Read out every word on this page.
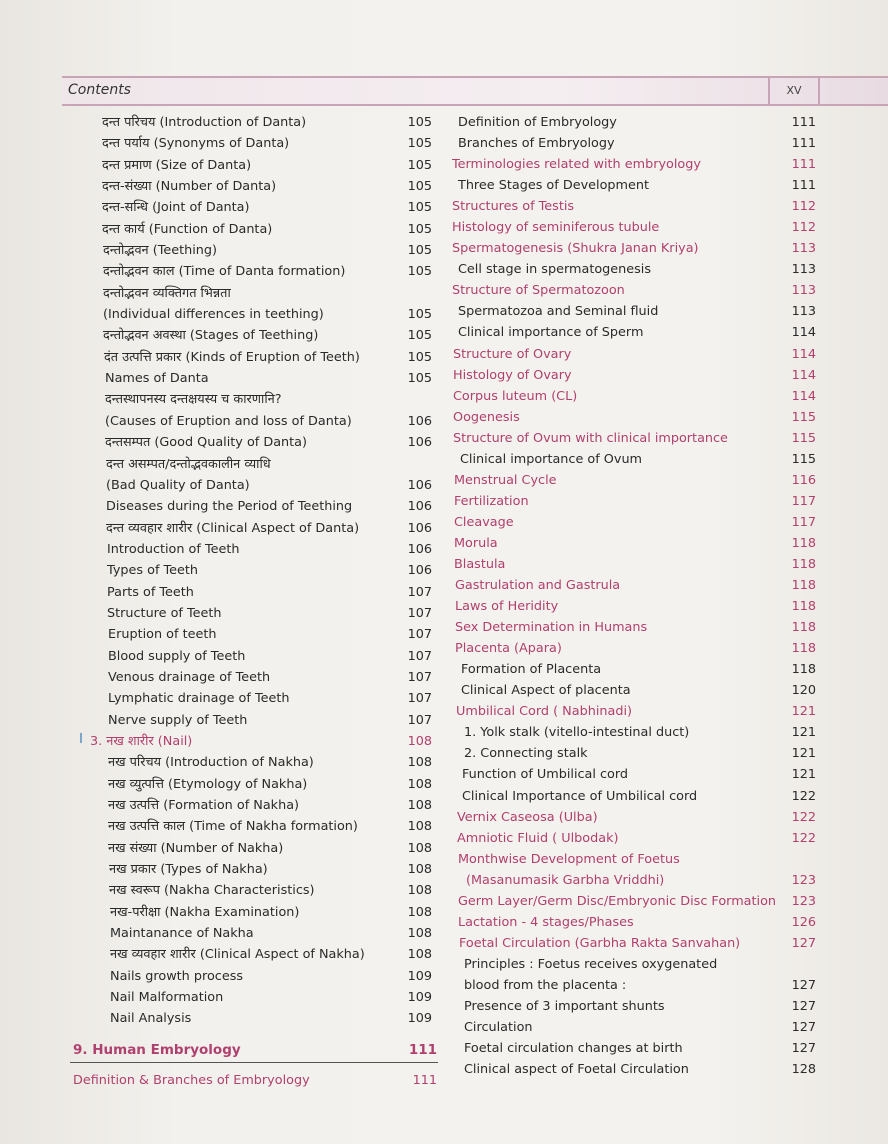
Contents	XV
दन्त परिचय (Introduction of Danta)	105
दन्त पर्याय (Synonyms of Danta)	105
दन्त प्रमाण (Size of Danta)	105
दन्त-संख्या (Number of Danta)	105
दन्त-सन्धि (Joint of Danta)	105
दन्त कार्य (Function of Danta)	105
दन्तोद्भवन (Teething)	105
दन्तोद्भवन काल (Time of Danta formation)	105
दन्तोद्भवन व्यक्तिगत भिन्नता
(Individual differences in teething)	105
दन्तोद्भवन अवस्था (Stages of Teething)	105
दंत उत्पत्ति प्रकार (Kinds of Eruption of Teeth)	105
Names of Danta	105
दन्तस्थापनस्य दन्तक्षयस्य च कारणानि?
(Causes of Eruption and loss of Danta)	106
दन्तसम्पत (Good Quality of Danta)	106
दन्त असम्पत/दन्तोद्भवकालीन व्याधि
(Bad Quality of Danta)	106
Diseases during the Period of Teething	106
दन्त व्यवहार शारीर (Clinical Aspect of Danta)	106
Introduction of Teeth	106
Types of Teeth	106
Parts of Teeth	107
Structure of Teeth	107
Eruption of teeth	107
Blood supply of Teeth	107
Venous drainage of Teeth	107
Lymphatic drainage of Teeth	107
Nerve supply of Teeth	107
3. नख शारीर (Nail)	108
नख परिचय (Introduction of Nakha)	108
नख व्युत्पत्ति (Etymology of Nakha)	108
नख उत्पत्ति (Formation of Nakha)	108
नख उत्पत्ति काल (Time of Nakha formation)	108
नख संख्या (Number of Nakha)	108
नख प्रकार (Types of Nakha)	108
नख स्वरूप (Nakha Characteristics)	108
नख-परीक्षा (Nakha Examination)	108
Maintanance of Nakha	108
नख व्यवहार शारीर (Clinical Aspect of Nakha)	108
Nails growth process	109
Nail Malformation	109
Nail Analysis	109
Definition of Embryology	111
Branches of Embryology	111
Terminologies related with embryology	111
Three Stages of Development	111
Structures of Testis	112
Histology of seminiferous tubule	112
Spermatogenesis (Shukra Janan Kriya)	113
Cell stage in spermatogenesis	113
Structure of Spermatozoon	113
Spermatozoa and Seminal fluid	113
Clinical importance of Sperm	114
Structure of Ovary	114
Histology of Ovary	114
Corpus luteum (CL)	114
Oogenesis	115
Structure of Ovum with clinical importance	115
Clinical importance of Ovum	115
Menstrual Cycle	116
Fertilization	117
Cleavage	117
Morula	118
Blastula	118
Gastrulation and Gastrula	118
Laws of Heridity	118
Sex Determination in Humans	118
Placenta (Apara)	118
Formation of Placenta	118
Clinical Aspect of placenta	120
Umbilical Cord ( Nabhinadi)	121
1. Yolk stalk (vitello-intestinal duct)	121
2. Connecting stalk	121
Function of Umbilical cord	121
Clinical Importance of Umbilical cord	122
Vernix Caseosa (Ulba)	122
Amniotic Fluid ( Ulbodak)	122
Monthwise Development of Foetus
(Masanumasik Garbha Vriddhi)	123
Germ Layer/Germ Disc/Embryonic Disc Formation	123
Lactation - 4 stages/Phases	126
Foetal Circulation (Garbha Rakta Sanvahan)	127
Principles : Foetus receives oxygenated
blood from the placenta :	127
Presence of 3 important shunts	127
Circulation	127
Foetal circulation changes at birth	127
Clinical aspect of Foetal Circulation	128
9. Human Embryology	111
Definition & Branches of Embryology	111
